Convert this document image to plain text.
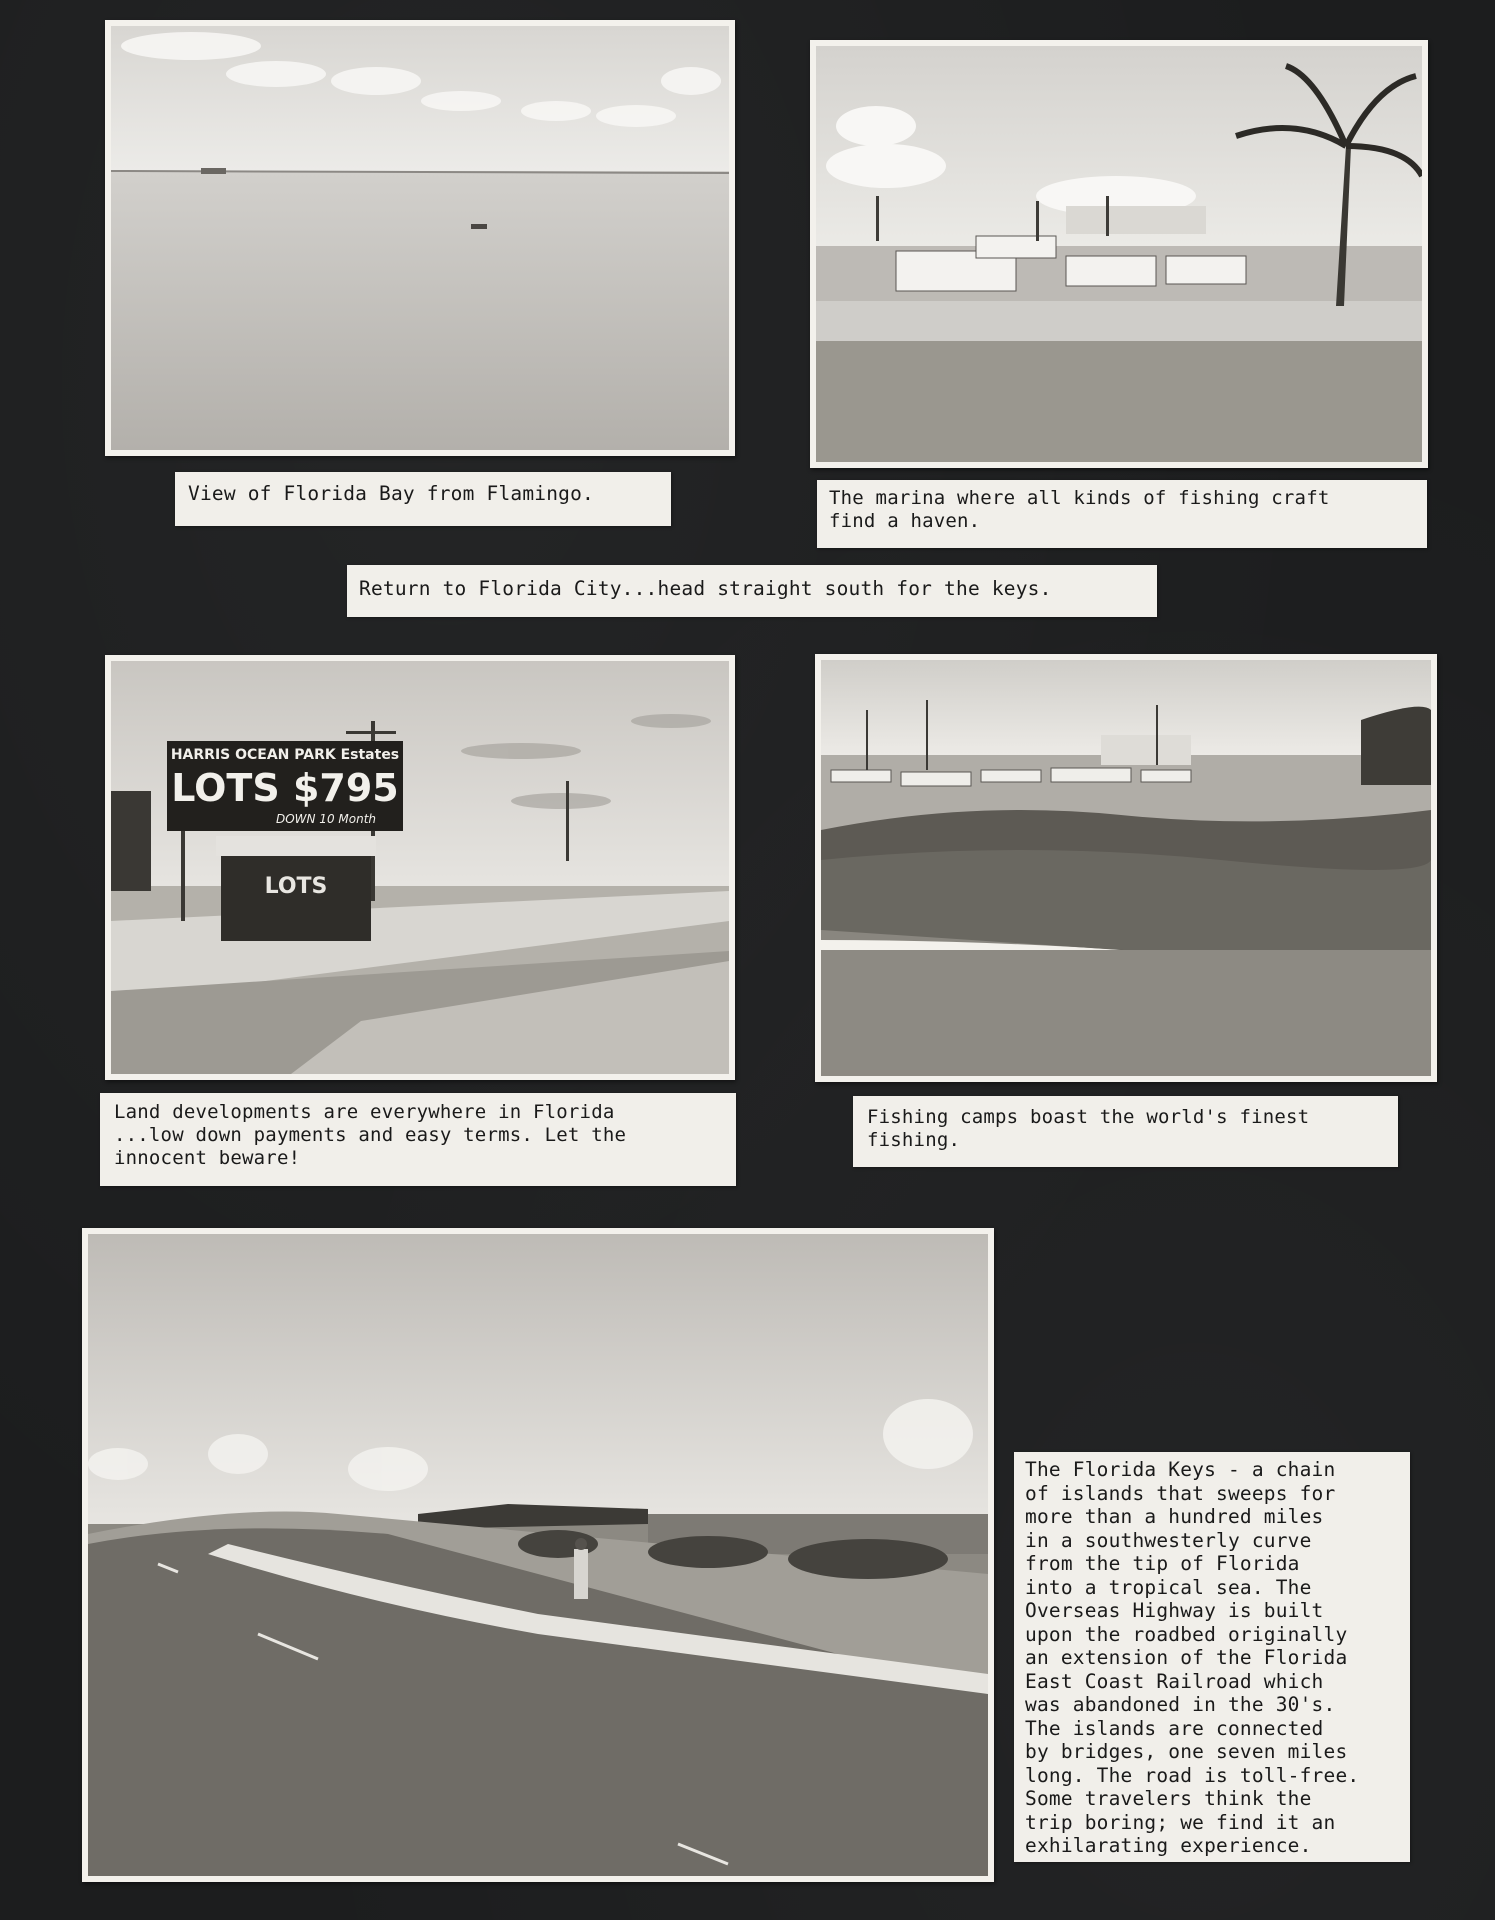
LOTS
HARRIS OCEAN PARK Estates
LOTS $795
DOWN 10 Month
View of Florida Bay from Flamingo.	The marina where all kinds of fishing craft
find a haven.
Return to Florida City...head straight south for the keys.
Land developments are everywhere in Florida
...low down payments and easy terms. Let the
innocent beware!
Fishing camps boast the world's finest
fishing.
The Florida Keys - a chain
of islands that sweeps for
more than a hundred miles
in a southwesterly curve
from the tip of Florida
into a tropical sea. The
Overseas Highway is built
upon the roadbed originally
an extension of the Florida
East Coast Railroad which
was abandoned in the 30's.
The islands are connected
by bridges, one seven miles
long. The road is toll-free.
Some travelers think the
trip boring; we find it an
exhilarating experience.
